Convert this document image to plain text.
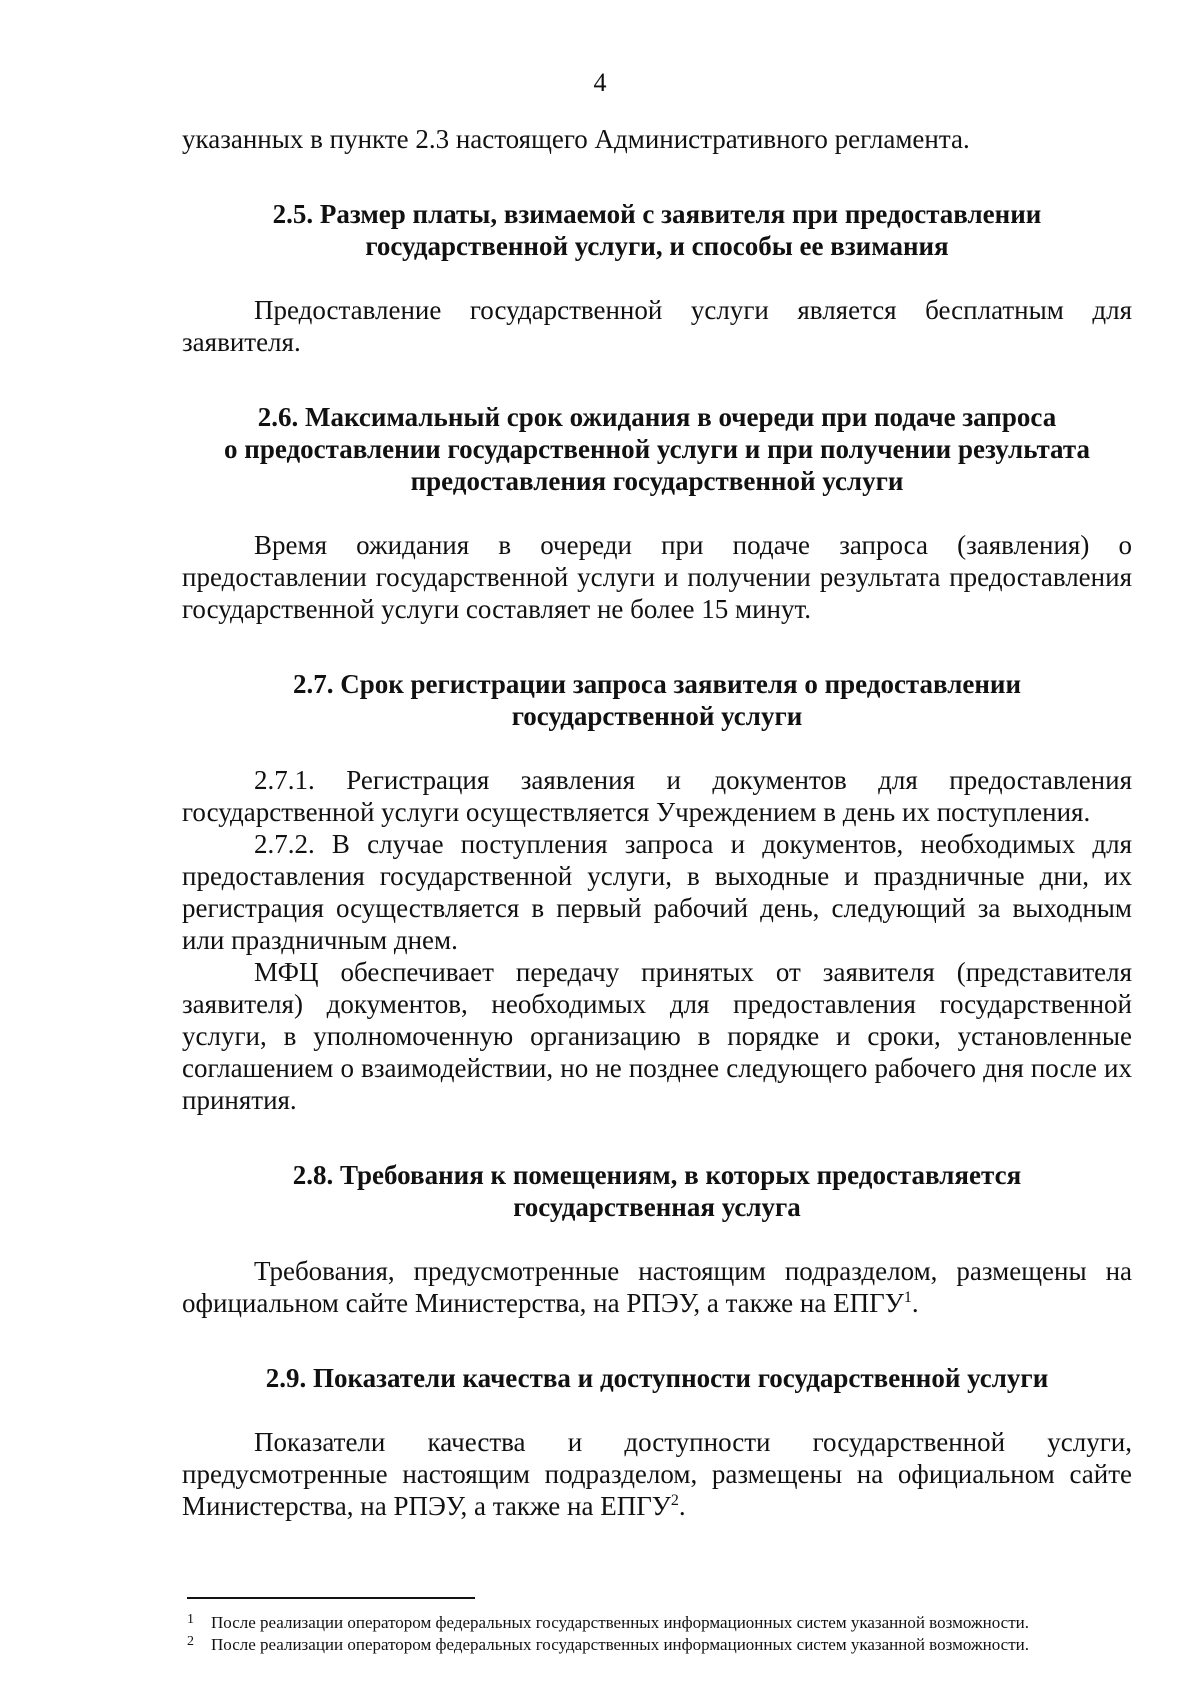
4

указанных в пункте 2.3 настоящего Административного регламента.

2.5. Размер платы, взимаемой с заявителя при предоставлении
государственной услуги, и способы ее взимания

Предоставление государственной услуги является бесплатным для заявителя.

2.6. Максимальный срок ожидания в очереди при подаче запроса
о предоставлении государственной услуги и при получении результата
предоставления государственной услуги

Время ожидания в очереди при подаче запроса (заявления) о предоставлении государственной услуги и получении результата предоставления государственной услуги составляет не более 15 минут.

2.7. Срок регистрации запроса заявителя о предоставлении
государственной услуги

2.7.1. Регистрация заявления и документов для предоставления государственной услуги осуществляется Учреждением в день их поступления.

2.7.2. В случае поступления запроса и документов, необходимых для предоставления государственной услуги, в выходные и праздничные дни, их регистрация осуществляется в первый рабочий день, следующий за выходным или праздничным днем.

МФЦ обеспечивает передачу принятых от заявителя (представителя заявителя) документов, необходимых для предоставления государственной услуги, в уполномоченную организацию в порядке и сроки, установленные соглашением о взаимодействии, но не позднее следующего рабочего дня после их принятия.

2.8. Требования к помещениям, в которых предоставляется
государственная услуга

Требования, предусмотренные настоящим подразделом, размещены на официальном сайте Министерства, на РПЭУ, а также на ЕПГУ$^1$.

2.9. Показатели качества и доступности государственной услуги

Показатели качества и доступности государственной услуги, предусмотренные настоящим подразделом, размещены на официальном сайте Министерства, на РПЭУ, а также на ЕПГУ$^2$.

1 После реализации оператором федеральных государственных информационных систем указанной возможности.
2 После реализации оператором федеральных государственных информационных систем указанной возможности.
